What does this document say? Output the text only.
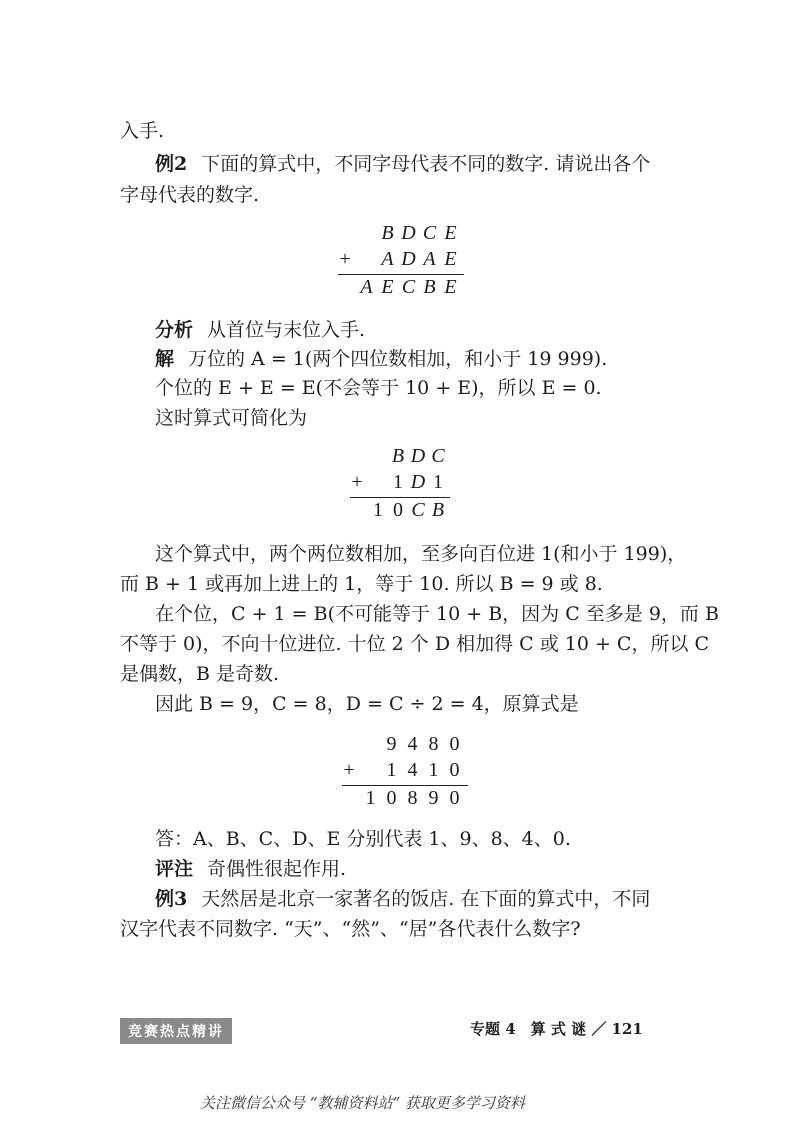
入手.
例2 下面的算式中，不同字母代表不同的数字. 请说出各个
字母代表的数字.
B D C E
+ A D A E
A E C B E
分析 从首位与末位入手.
解 万位的 A = 1(两个四位数相加，和小于 19 999).
个位的 E + E = E(不会等于 10 + E)，所以 E = 0.
这时算式可简化为
B D C
+ 1 D 1
1 0 C B
这个算式中，两个两位数相加，至多向百位进 1(和小于 199)，
而 B + 1 或再加上进上的 1，等于 10. 所以 B = 9 或 8.
在个位，C + 1 = B(不可能等于 10 + B，因为 C 至多是 9，而 B
不等于 0)，不向十位进位. 十位 2 个 D 相加得 C 或 10 + C，所以 C
是偶数，B 是奇数.
因此 B = 9，C = 8，D = C ÷ 2 = 4，原算式是
9 4 8 0
+ 1 4 1 0
1 0 8 9 0
答：A、B、C、D、E 分别代表 1、9、8、4、0.
评注 奇偶性很起作用.
例3 天然居是北京一家著名的饭店. 在下面的算式中，不同
汉字代表不同数字. “天”、“然”、“居”各代表什么数字?
竞赛热点精讲	专题 4　算 式 谜 ／ 121
关注微信公众号 “教辅资料站” 获取更多学习资料
